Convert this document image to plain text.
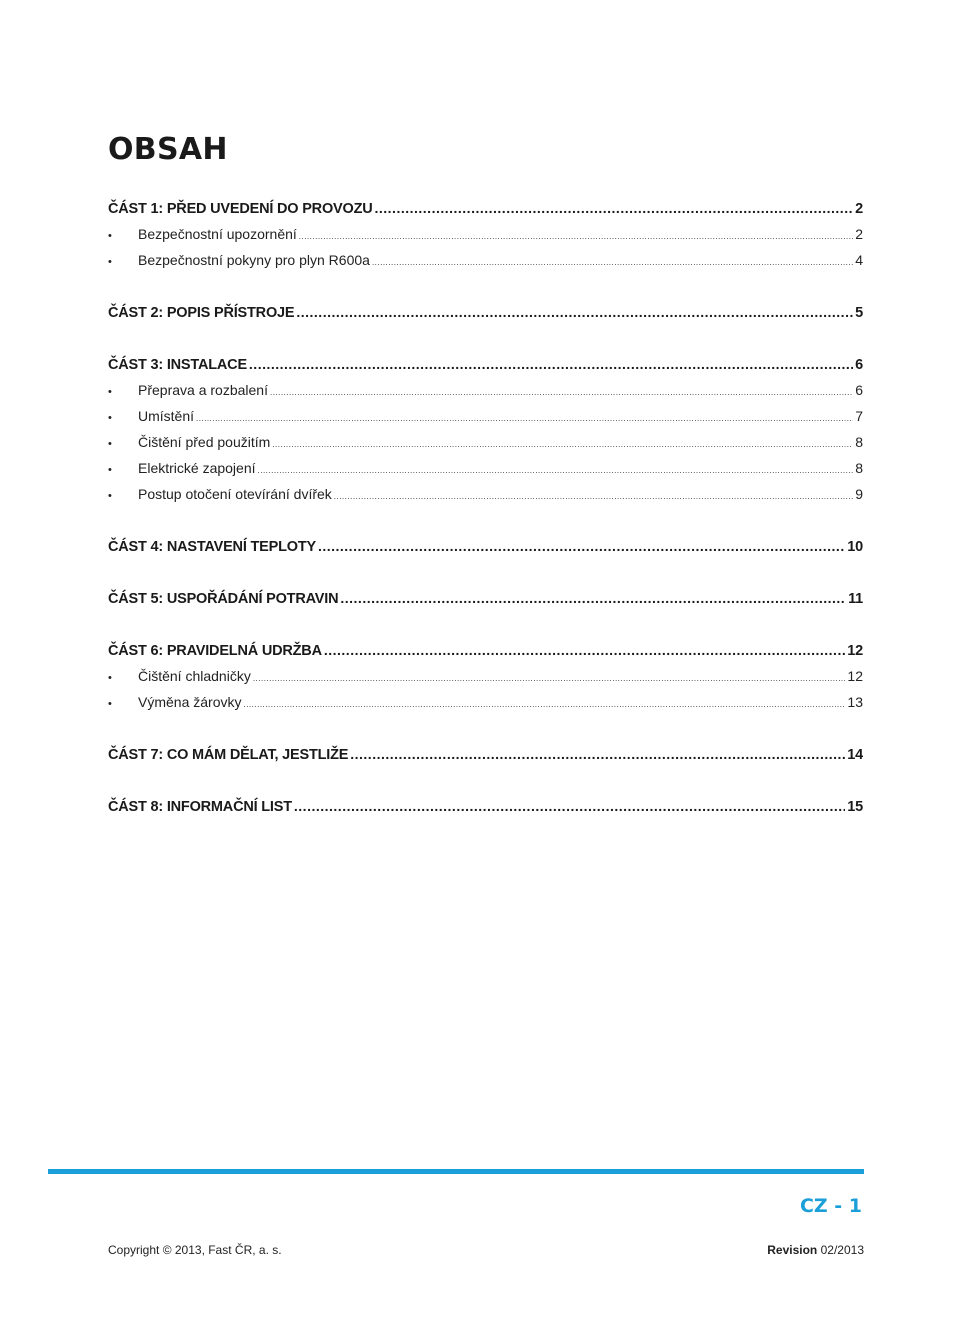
OBSAH
ČÁST 1: PŘED UVEDENÍ DO PROVOZU .....	2
•	Bezpečnostní upozornění .....	2
•	Bezpečnostní pokyny pro plyn R600a .....	4
ČÁST 2: POPIS PŘÍSTROJE .....	5
ČÁST 3: INSTALACE .....	6
•	Přeprava a rozbalení .....	6
•	Umístění .....	7
•	Čištění před použitím .....	8
•	Elektrické zapojení .....	8
•	Postup otočení otevírání dvířek .....	9
ČÁST 4: NASTAVENÍ TEPLOTY .....	10
ČÁST 5: USPOŘÁDÁNÍ POTRAVIN .....	11
ČÁST 6: PRAVIDELNÁ UDRŽBA .....	12
•	Čištění chladničky .....	12
•	Výměna žárovky .....	13
ČÁST 7: CO MÁM DĚLAT, JESTLIŽE .....	14
ČÁST 8: INFORMAČNÍ LIST .....	15
CZ - 1
Copyright © 2013, Fast ČR, a. s.	Revision 02/2013
